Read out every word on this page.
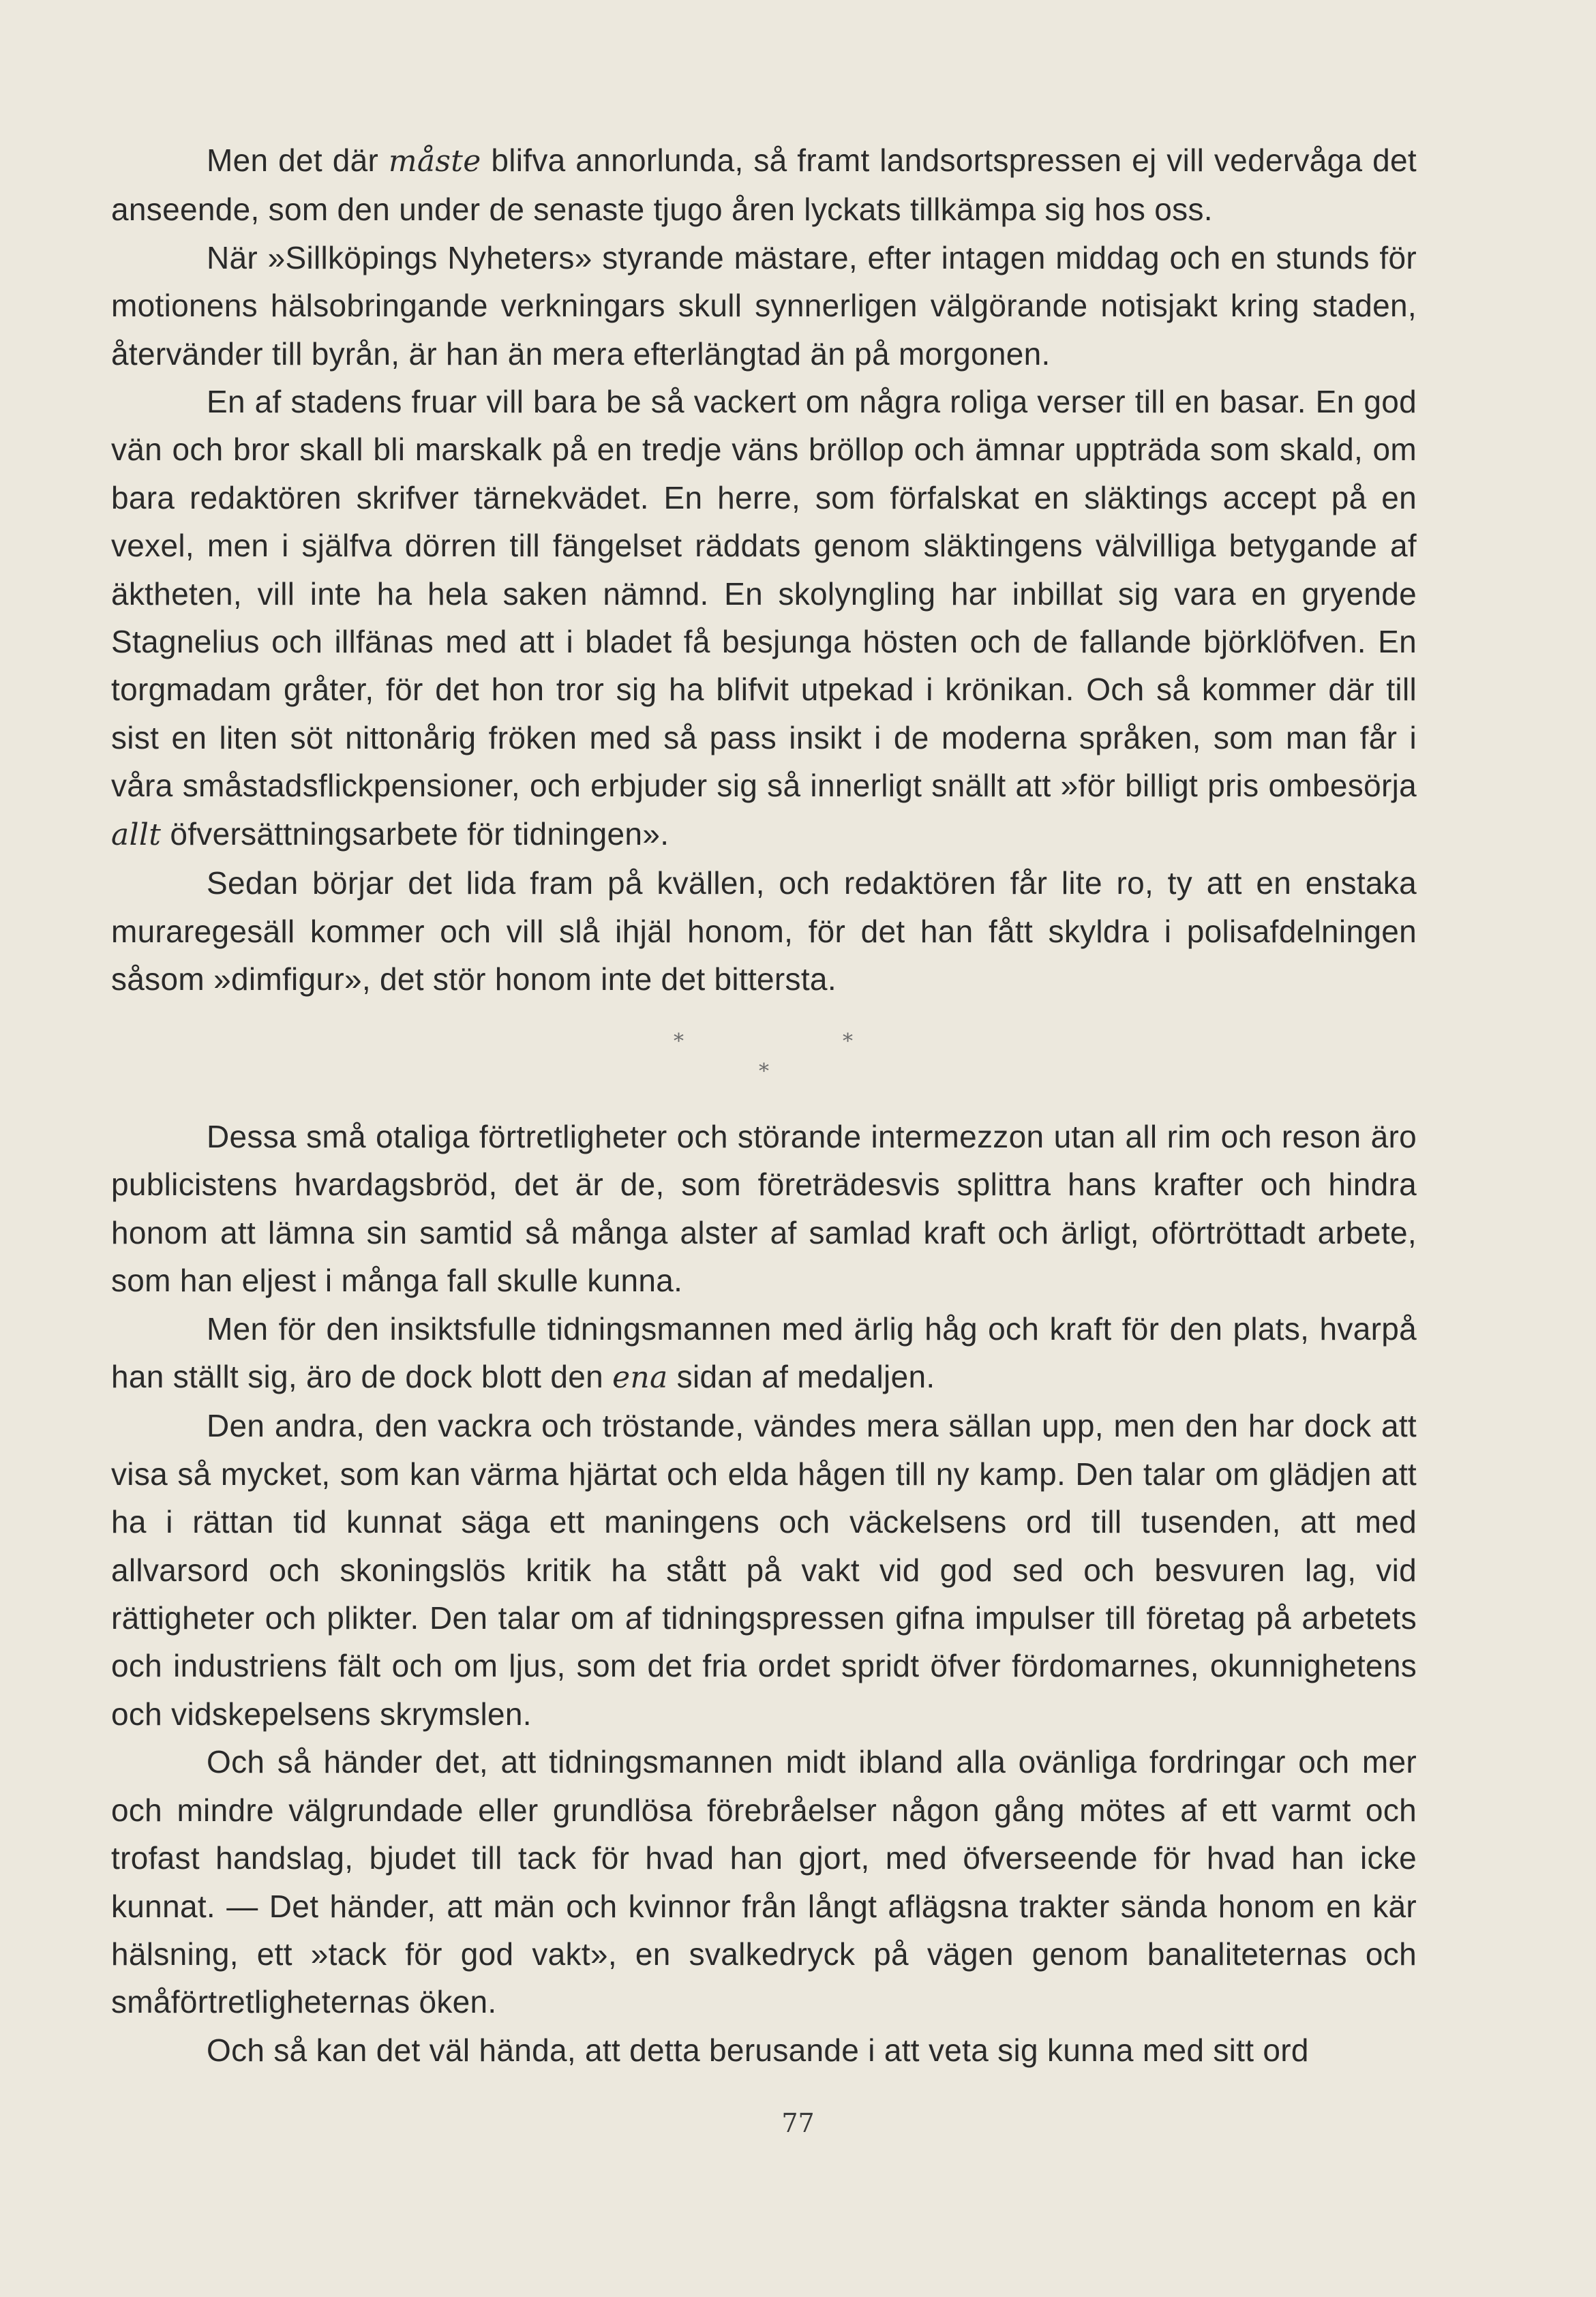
Men det där måste blifva annorlunda, så framt landsortspressen ej vill vedervåga det anseende, som den under de senaste tjugo åren lyckats tillkämpa sig hos oss.

När »Sillköpings Nyheters» styrande mästare, efter intagen middag och en stunds för motionens hälsobringande verkningars skull synnerligen välgörande notisjakt kring staden, återvänder till byrån, är han än mera efterlängtad än på morgonen.

En af stadens fruar vill bara be så vackert om några roliga verser till en basar. En god vän och bror skall bli marskalk på en tredje väns bröllop och ämnar uppträda som skald, om bara redaktören skrifver tärnekvädet. En herre, som förfalskat en släktings accept på en vexel, men i själfva dörren till fängelset räddats genom släktingens välvilliga betygande af äktheten, vill inte ha hela saken nämnd. En skolyngling har inbillat sig vara en gryende Stagnelius och illfänas med att i bladet få besjunga hösten och de fallande björklöfven. En torgmadam gråter, för det hon tror sig ha blifvit utpekad i krönikan. Och så kommer där till sist en liten söt nittonårig fröken med så pass insikt i de moderna språken, som man får i våra småstadsflickpensioner, och erbjuder sig så innerligt snällt att »för billigt pris ombesörja allt öfversättningsarbete för tidningen».

Sedan börjar det lida fram på kvällen, och redaktören får lite ro, ty att en enstaka muraregesäll kommer och vill slå ihjäl honom, för det han fått skyldra i polisafdelningen såsom »dimfigur», det stör honom inte det bittersta.

*	*
*

Dessa små otaliga förtretligheter och störande intermezzon utan all rim och reson äro publicistens hvardagsbröd, det är de, som företrädesvis splittra hans krafter och hindra honom att lämna sin samtid så många alster af samlad kraft och ärligt, oförtröttadt arbete, som han eljest i många fall skulle kunna.

Men för den insiktsfulle tidningsmannen med ärlig håg och kraft för den plats, hvarpå han ställt sig, äro de dock blott den ena sidan af medaljen.

Den andra, den vackra och tröstande, vändes mera sällan upp, men den har dock att visa så mycket, som kan värma hjärtat och elda hågen till ny kamp. Den talar om glädjen att ha i rättan tid kunnat säga ett maningens och väckelsens ord till tusenden, att med allvarsord och skoningslös kritik ha stått på vakt vid god sed och besvuren lag, vid rättigheter och plikter. Den talar om af tidningspressen gifna impulser till företag på arbetets och industriens fält och om ljus, som det fria ordet spridt öfver fördomarnes, okunnighetens och vidskepelsens skrymslen.

Och så händer det, att tidningsmannen midt ibland alla ovänliga fordringar och mer och mindre välgrundade eller grundlösa förebråelser någon gång mötes af ett varmt och trofast handslag, bjudet till tack för hvad han gjort, med öfverseende för hvad han icke kunnat. — Det händer, att män och kvinnor från långt aflägsna trakter sända honom en kär hälsning, ett »tack för god vakt», en svalkedryck på vägen genom banaliteternas och småförtretligheternas öken.

Och så kan det väl hända, att detta berusande i att veta sig kunna med sitt ord

77
